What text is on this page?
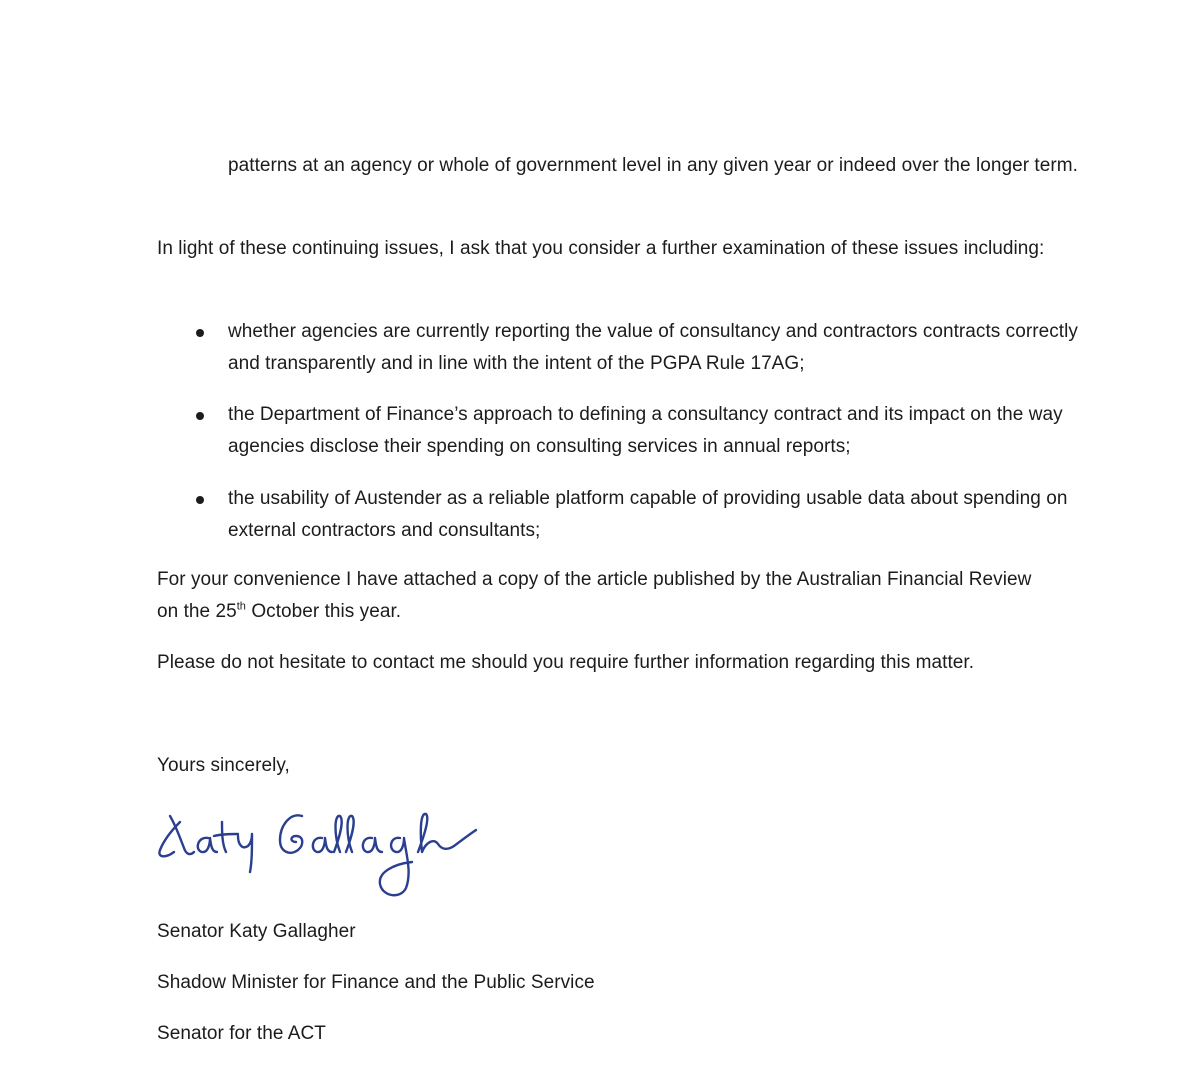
patterns at an agency or whole of government level in any given year or indeed over the longer term.
In light of these continuing issues, I ask that you consider a further examination of these issues including:
whether agencies are currently reporting the value of consultancy and contractors contracts correctly and transparently and in line with the intent of the PGPA Rule 17AG;
the Department of Finance’s approach to defining a consultancy contract and its impact on the way agencies disclose their spending on consulting services in annual reports;
the usability of Austender as a reliable platform capable of providing usable data about spending on external contractors and consultants;
For your convenience I have attached a copy of the article published by the Australian Financial Review on the 25th October this year.
Please do not hesitate to contact me should you require further information regarding this matter.
Yours sincerely,
Senator Katy Gallagher
Shadow Minister for Finance and the Public Service
Senator for the ACT
